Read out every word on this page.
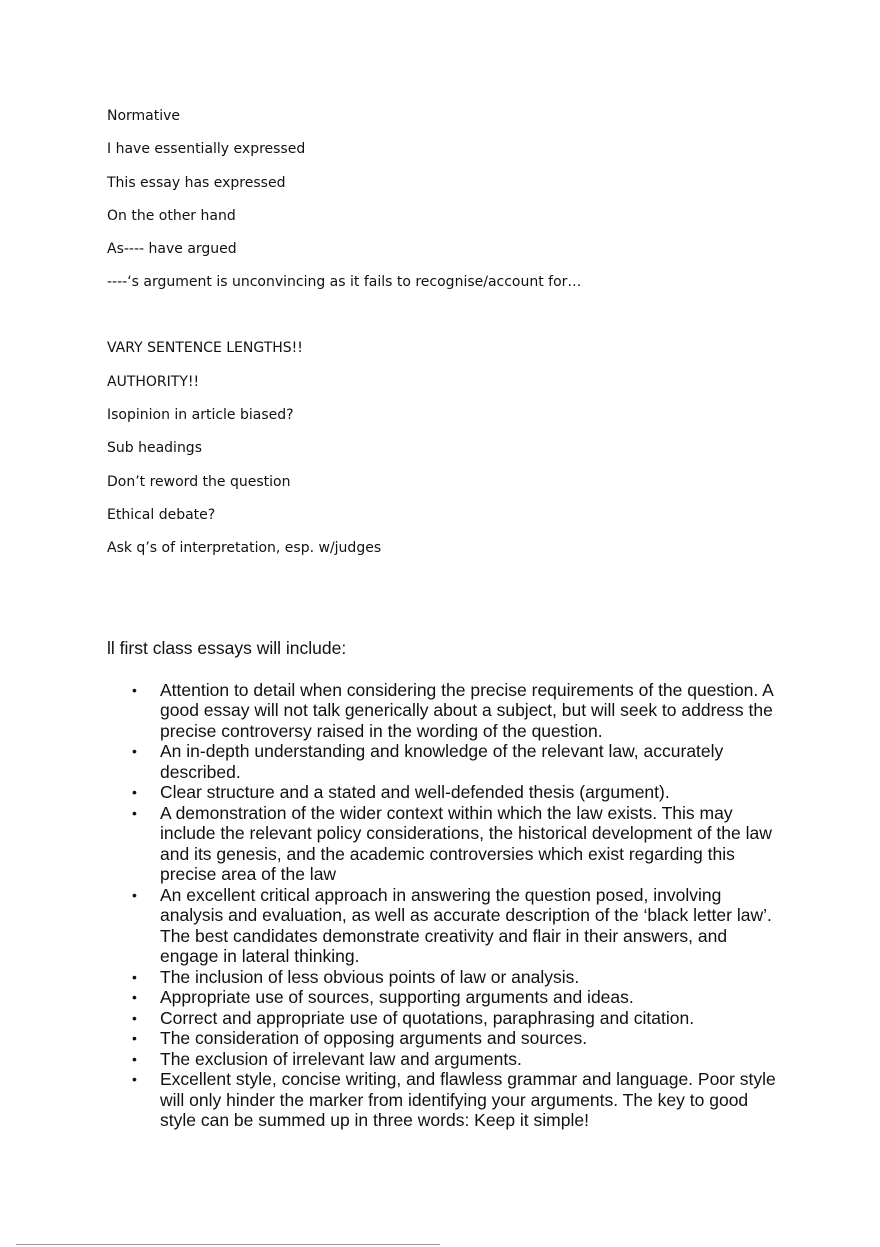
Normative
I have essentially expressed
This essay has expressed
On the other hand
As---- have argued
----‘s argument is unconvincing as it fails to recognise/account for…
VARY SENTENCE LENGTHS!!
AUTHORITY!!
Isopinion in article biased?
Sub headings
Don’t reword the question
Ethical debate?
Ask q’s of interpretation, esp. w/judges

ll first class essays will include:

• Attention to detail when considering the precise requirements of the question. A good essay will not talk generically about a subject, but will seek to address the precise controversy raised in the wording of the question.
• An in-depth understanding and knowledge of the relevant law, accurately described.
• Clear structure and a stated and well-defended thesis (argument).
• A demonstration of the wider context within which the law exists. This may include the relevant policy considerations, the historical development of the law and its genesis, and the academic controversies which exist regarding this precise area of the law
• An excellent critical approach in answering the question posed, involving analysis and evaluation, as well as accurate description of the ‘black letter law’. The best candidates demonstrate creativity and flair in their answers, and engage in lateral thinking.
• The inclusion of less obvious points of law or analysis.
• Appropriate use of sources, supporting arguments and ideas.
• Correct and appropriate use of quotations, paraphrasing and citation.
• The consideration of opposing arguments and sources.
• The exclusion of irrelevant law and arguments.
• Excellent style, concise writing, and flawless grammar and language. Poor style will only hinder the marker from identifying your arguments. The key to good style can be summed up in three words: Keep it simple!
